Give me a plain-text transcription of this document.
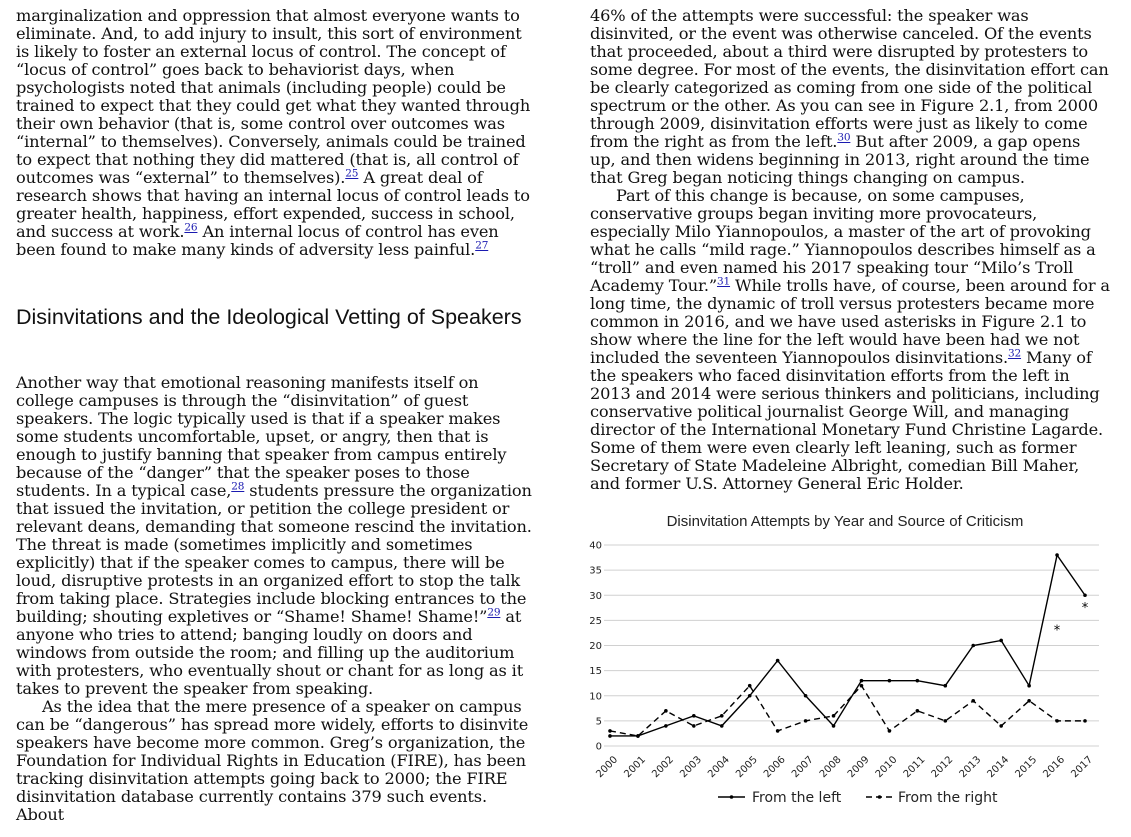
marginalization and oppression that almost everyone wants to eliminate. And, to add injury to insult, this sort of environment is likely to foster an external locus of control. The concept of “locus of control” goes back to behaviorist days, when psychologists noted that animals (including people) could be trained to expect that they could get what they wanted through their own behavior (that is, some control over outcomes was “internal” to themselves). Conversely, animals could be trained to expect that nothing they did mattered (that is, all control of outcomes was “external” to themselves).$^{25}$ A great deal of research shows that having an internal locus of control leads to greater health, happiness, effort expended, success in school, and success at work.$^{26}$ An internal locus of control has even been found to make many kinds of adversity less painful.$^{27}$

Disinvitations and the Ideological Vetting of Speakers

Another way that emotional reasoning manifests itself on college campuses is through the “disinvitation” of guest speakers. The logic typically used is that if a speaker makes some students uncomfortable, upset, or angry, then that is enough to justify banning that speaker from campus entirely because of the “danger” that the speaker poses to those students. In a typical case,$^{28}$ students pressure the organization that issued the invitation, or petition the college president or relevant deans, demanding that someone rescind the invitation. The threat is made (sometimes implicitly and sometimes explicitly) that if the speaker comes to campus, there will be loud, disruptive protests in an organized effort to stop the talk from taking place. Strategies include blocking entrances to the building; shouting expletives or “Shame! Shame! Shame!”$^{29}$ at anyone who tries to attend; banging loudly on doors and windows from outside the room; and filling up the auditorium with protesters, who eventually shout or chant for as long as it takes to prevent the speaker from speaking.

As the idea that the mere presence of a speaker on campus can be “dangerous” has spread more widely, efforts to disinvite speakers have become more common. Greg’s organization, the Foundation for Individual Rights in Education (FIRE), has been tracking disinvitation attempts going back to 2000; the FIRE disinvitation database currently contains 379 such events. About

46% of the attempts were successful: the speaker was disinvited, or the event was otherwise canceled. Of the events that proceeded, about a third were disrupted by protesters to some degree. For most of the events, the disinvitation effort can be clearly categorized as coming from one side of the political spectrum or the other. As you can see in Figure 2.1, from 2000 through 2009, disinvitation efforts were just as likely to come from the right as from the left.$^{30}$ But after 2009, a gap opens up, and then widens beginning in 2013, right around the time that Greg began noticing things changing on campus.

Part of this change is because, on some campuses, conservative groups began inviting more provocateurs, especially Milo Yiannopoulos, a master of the art of provoking what he calls “mild rage.” Yiannopoulos describes himself as a “troll” and even named his 2017 speaking tour “Milo’s Troll Academy Tour.”$^{31}$ While trolls have, of course, been around for a long time, the dynamic of troll versus protesters became more common in 2016, and we have used asterisks in Figure 2.1 to show where the line for the left would have been had we not included the seventeen Yiannopoulos disinvitations.$^{32}$ Many of the speakers who faced disinvitation efforts from the left in 2013 and 2014 were serious thinkers and politicians, including conservative political journalist George Will, and managing director of the International Monetary Fund Christine Lagarde. Some of them were even clearly left leaning, such as former Secretary of State Madeleine Albright, comedian Bill Maher, and former U.S. Attorney General Eric Holder.

Disinvitation Attempts by Year and Source of Criticism
0
5
10
15
20
25
30
35
40
2000 2001 2002 2003 2004 2005 2006 2007 2008 2009 2010 2011 2012 2013 2014 2015 2016 2017
*
*
From the left	From the right
